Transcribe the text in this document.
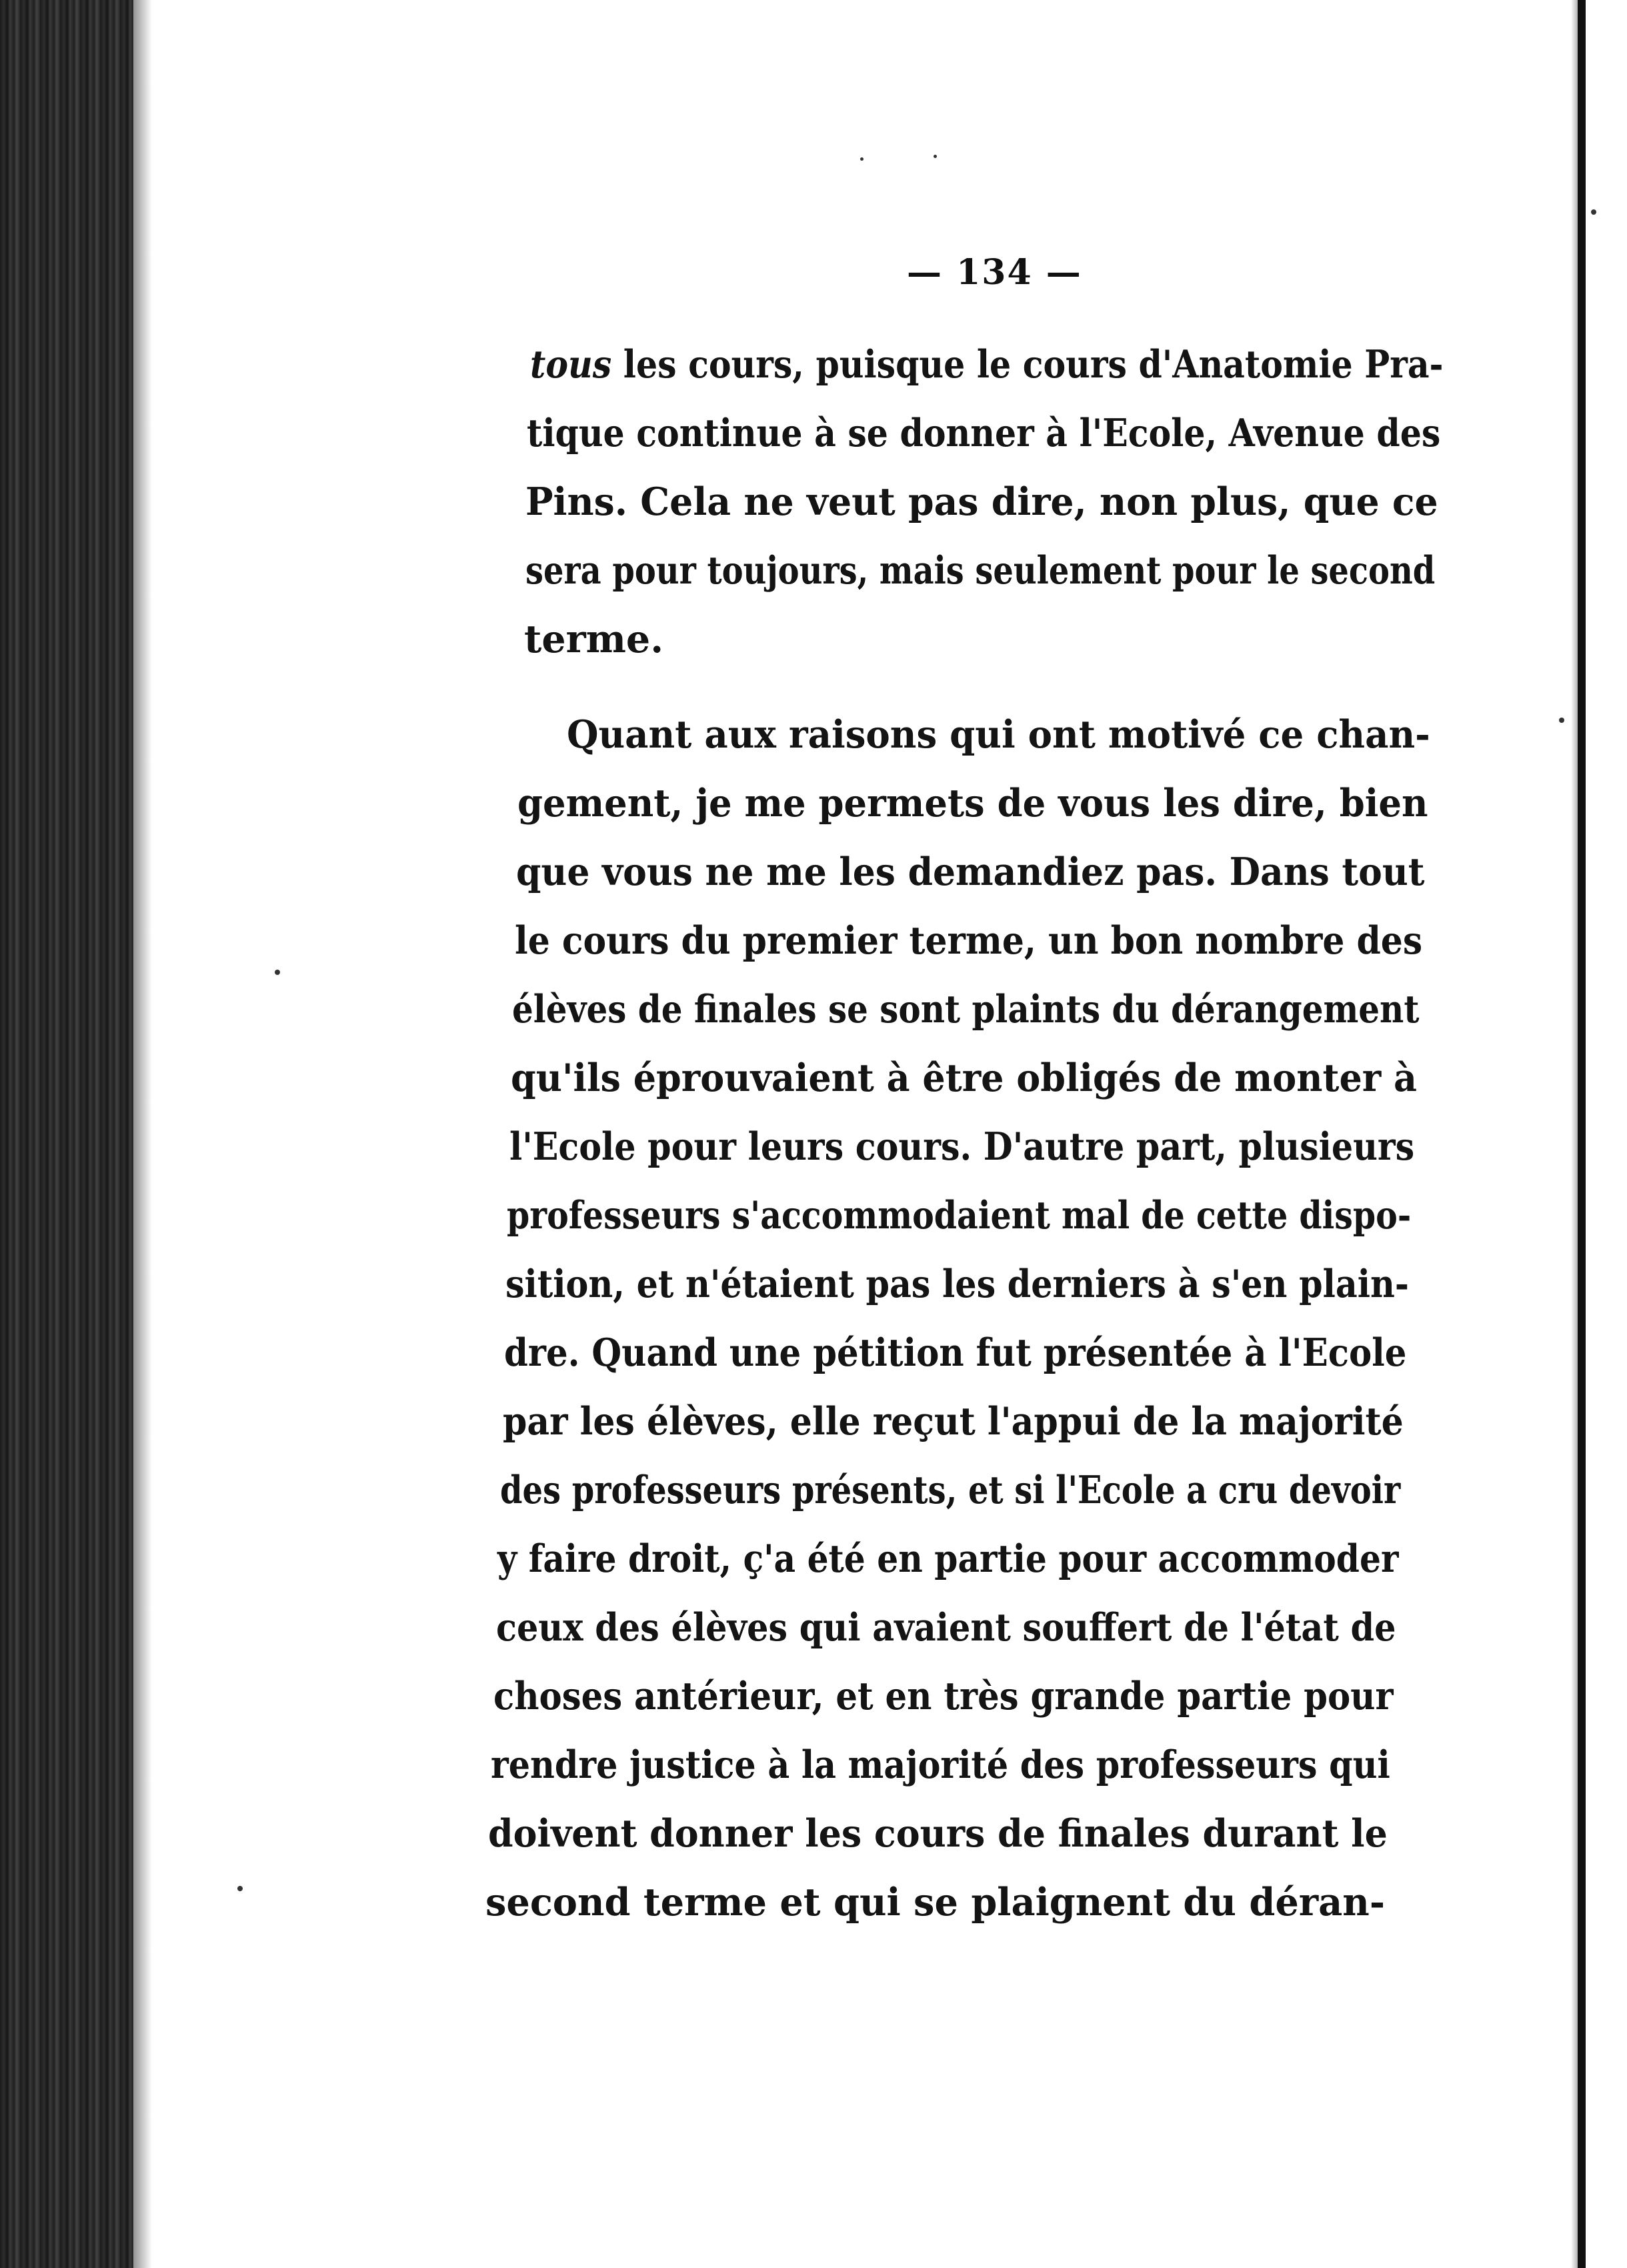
— 134 —
tous les cours, puisque le cours d'Anatomie Pra-
tique continue à se donner à l'Ecole, Avenue des
Pins. Cela ne veut pas dire, non plus, que ce
sera pour toujours, mais seulement pour le second
terme.
Quant aux raisons qui ont motivé ce chan-
gement, je me permets de vous les dire, bien
que vous ne me les demandiez pas. Dans tout
le cours du premier terme, un bon nombre des
élèves de finales se sont plaints du dérangement
qu'ils éprouvaient à être obligés de monter à
l'Ecole pour leurs cours. D'autre part, plusieurs
professeurs s'accommodaient mal de cette dispo-
sition, et n'étaient pas les derniers à s'en plain-
dre. Quand une pétition fut présentée à l'Ecole
par les élèves, elle reçut l'appui de la majorité
des professeurs présents, et si l'Ecole a cru devoir
y faire droit, ç'a été en partie pour accommoder
ceux des élèves qui avaient souffert de l'état de
choses antérieur, et en très grande partie pour
rendre justice à la majorité des professeurs qui
doivent donner les cours de finales durant le
second terme et qui se plaignent du déran-
